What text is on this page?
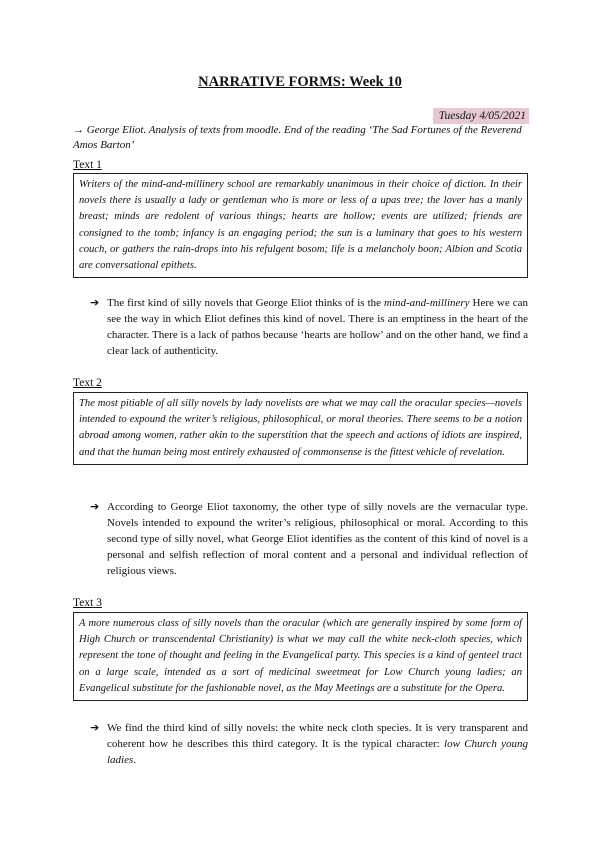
NARRATIVE FORMS: Week 10
Tuesday 4/05/2021

→ George Eliot. Analysis of texts from moodle. End of the reading ‘The Sad Fortunes of the Reverend Amos Barton’

Text 1

Writers of the mind-and-millinery school are remarkably unanimous in their choice of diction. In their novels there is usually a lady or gentleman who is more or less of a upas tree; the lover has a manly breast; minds are redolent of various things; hearts are hollow; events are utilized; friends are consigned to the tomb; infancy is an engaging period; the sun is a luminary that goes to his western couch, or gathers the rain-drops into his refulgent bosom; life is a melancholy boon; Albion and Scotia are conversational epithets.

➔ The first kind of silly novels that George Eliot thinks of is the mind-and-millinery Here we can see the way in which Eliot defines this kind of novel. There is an emptiness in the heart of the character. There is a lack of pathos because ‘hearts are hollow’ and on the other hand, we find a clear lack of authenticity.
Text 2

The most pitiable of all silly novels by lady novelists are what we may call the oracular species—novels intended to expound the writer’s religious, philosophical, or moral theories. There seems to be a notion abroad among women, rather akin to the superstition that the speech and actions of idiots are inspired, and that the human being most entirely exhausted of commonsense is the fittest vehicle of revelation.

➔ According to George Eliot taxonomy, the other type of silly novels are the vernacular type. Novels intended to expound the writer’s religious, philosophical or moral. According to this second type of silly novel, what George Eliot identifies as the content of this kind of novel is a personal and selfish reflection of moral content and a personal and individual reflection of religious views.
Text 3

A more numerous class of silly novels than the oracular (which are generally inspired by some form of High Church or transcendental Christianity) is what we may call the white neck-cloth species, which represent the tone of thought and feeling in the Evangelical party. This species is a kind of genteel tract on a large scale, intended as a sort of medicinal sweetmeat for Low Church young ladies; an Evangelical substitute for the fashionable novel, as the May Meetings are a substitute for the Opera.

➔ We find the third kind of silly novels: the white neck cloth species. It is very transparent and coherent how he describes this third category. It is the typical character: low Church young ladies.
